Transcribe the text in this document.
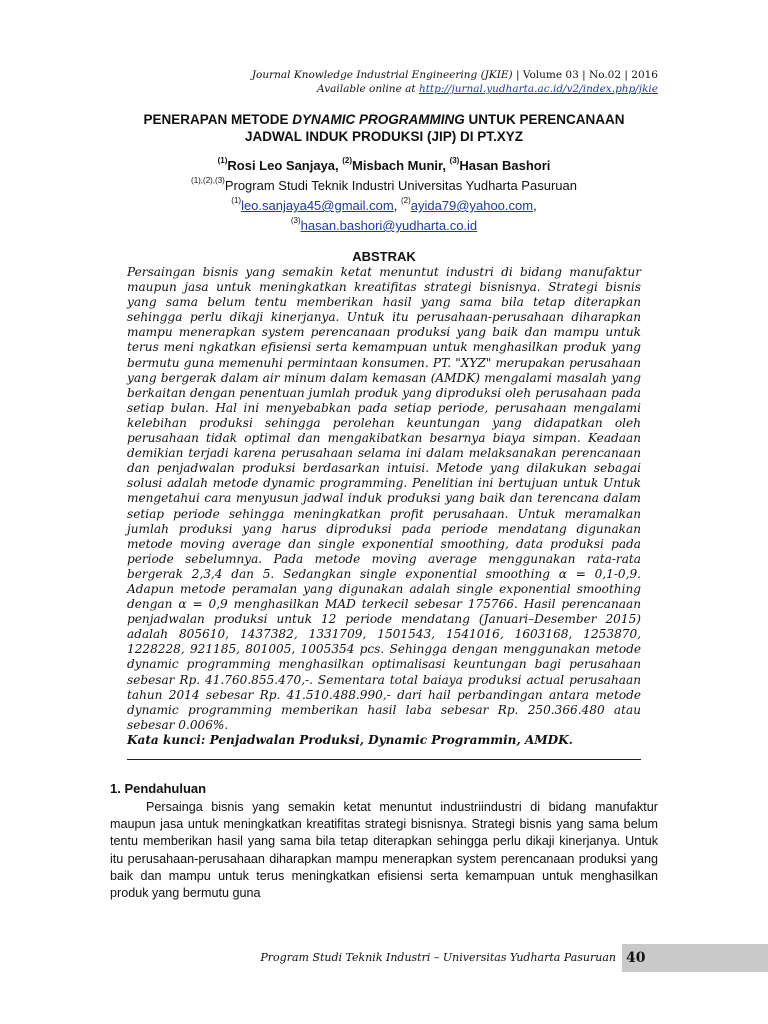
Journal Knowledge Industrial Engineering (JKIE) | Volume 03 | No.02 | 2016
Available online at http://jurnal.yudharta.ac.id/v2/index.php/jkie
PENERAPAN METODE DYNAMIC PROGRAMMING UNTUK PERENCANAAN
JADWAL INDUK PRODUKSI (JIP) DI PT.XYZ
$^{(1)}$Rosi Leo Sanjaya, $^{(2)}$Misbach Munir, $^{(3)}$Hasan Bashori
$^{(1),(2),(3)}$Program Studi Teknik Industri Universitas Yudharta Pasuruan
$^{(1)}$leo.sanjaya45@gmail.com, $^{(2)}$ayida79@yahoo.com,
$^{(3)}$hasan.bashori@yudharta.co.id
ABSTRAK

Persaingan bisnis yang semakin ketat menuntut industri di bidang manufaktur maupun jasa untuk meningkatkan kreatifitas strategi bisnisnya. Strategi bisnis yang sama belum tentu memberikan hasil yang sama bila tetap diterapkan sehingga perlu dikaji kinerjanya. Untuk itu perusahaan-perusahaan diharapkan mampu menerapkan system perencanaan produksi yang baik dan mampu untuk terus meni ngkatkan efisiensi serta kemampuan untuk menghasilkan produk yang bermutu guna memenuhi permintaan konsumen. PT. "XYZ" merupakan perusahaan yang bergerak dalam air minum dalam kemasan (AMDK) mengalami masalah yang berkaitan dengan penentuan jumlah produk yang diproduksi oleh perusahaan pada setiap bulan. Hal ini menyebabkan pada setiap periode, perusahaan mengalami kelebihan produksi sehingga perolehan keuntungan yang didapatkan oleh perusahaan tidak optimal dan mengakibatkan besarnya biaya simpan. Keadaan demikian terjadi karena perusahaan selama ini dalam melaksanakan perencanaan dan penjadwalan produksi berdasarkan intuisi. Metode yang dilakukan sebagai solusi adalah metode dynamic programming. Penelitian ini bertujuan untuk Untuk mengetahui cara menyusun jadwal induk produksi yang baik dan terencana dalam setiap periode sehingga meningkatkan profit perusahaan. Untuk meramalkan jumlah produksi yang harus diproduksi pada periode mendatang digunakan metode moving average dan single exponential smoothing, data produksi pada periode sebelumnya. Pada metode moving average menggunakan rata-rata bergerak 2,3,4 dan 5. Sedangkan single exponential smoothing α = 0,1-0,9. Adapun metode peramalan yang digunakan adalah single exponential smoothing dengan α = 0,9 menghasilkan MAD terkecil sebesar 175766. Hasil perencanaan penjadwalan produksi untuk 12 periode mendatang (Januari–Desember 2015) adalah 805610, 1437382, 1331709, 1501543, 1541016, 1603168, 1253870, 1228228, 921185, 801005, 1005354 pcs. Sehingga dengan menggunakan metode dynamic programming menghasilkan optimalisasi keuntungan bagi perusahaan sebesar Rp. 41.760.855.470,-. Sementara total baiaya produksi actual perusahaan tahun 2014 sebesar Rp. 41.510.488.990,- dari hail perbandingan antara metode dynamic programming memberikan hasil laba sebesar Rp. 250.366.480 atau sebesar 0.006%.

Kata kunci: Penjadwalan Produksi, Dynamic Programmin, AMDK.

1. Pendahuluan

Persainga bisnis yang semakin ketat menuntut industriindustri di bidang manufaktur maupun jasa untuk meningkatkan kreatifitas strategi bisnisnya. Strategi bisnis yang sama belum tentu memberikan hasil yang sama bila tetap diterapkan sehingga perlu dikaji kinerjanya. Untuk itu perusahaan-perusahaan diharapkan mampu menerapkan system perencanaan produksi yang baik dan mampu untuk terus meningkatkan efisiensi serta kemampuan untuk menghasilkan produk yang bermutu guna

Program Studi Teknik Industri – Universitas Yudharta Pasuruan 40
